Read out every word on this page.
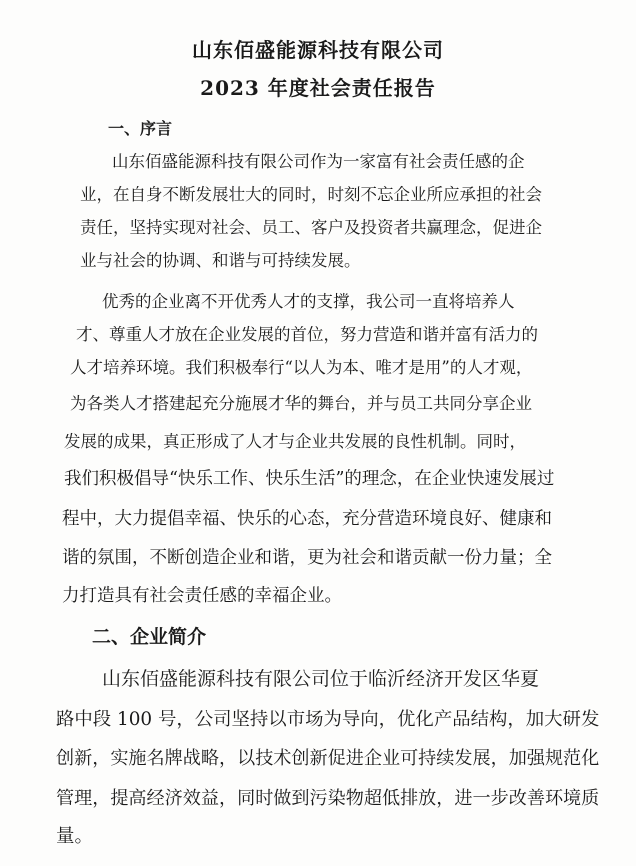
山东佰盛能源科技有限公司
2023 年度社会责任报告
一、序言
山东佰盛能源科技有限公司作为一家富有社会责任感的企
业，在自身不断发展壮大的同时，时刻不忘企业所应承担的社会
责任，坚持实现对社会、员工、客户及投资者共赢理念，促进企
业与社会的协调、和谐与可持续发展。
优秀的企业离不开优秀人才的支撑，我公司一直将培养人
才、尊重人才放在企业发展的首位，努力营造和谐并富有活力的
人才培养环境。我们积极奉行“以人为本、唯才是用”的人才观，
为各类人才搭建起充分施展才华的舞台，并与员工共同分享企业
发展的成果，真正形成了人才与企业共发展的良性机制。同时，
我们积极倡导“快乐工作、快乐生活”的理念，在企业快速发展过
程中，大力提倡幸福、快乐的心态，充分营造环境良好、健康和
谐的氛围，不断创造企业和谐，更为社会和谐贡献一份力量；全
力打造具有社会责任感的幸福企业。
二、企业简介
山东佰盛能源科技有限公司位于临沂经济开发区华夏
路中段 100 号，公司坚持以市场为导向，优化产品结构，加大研发
创新，实施名牌战略，以技术创新促进企业可持续发展，加强规范化
管理，提高经济效益，同时做到污染物超低排放，进一步改善环境质
量。
